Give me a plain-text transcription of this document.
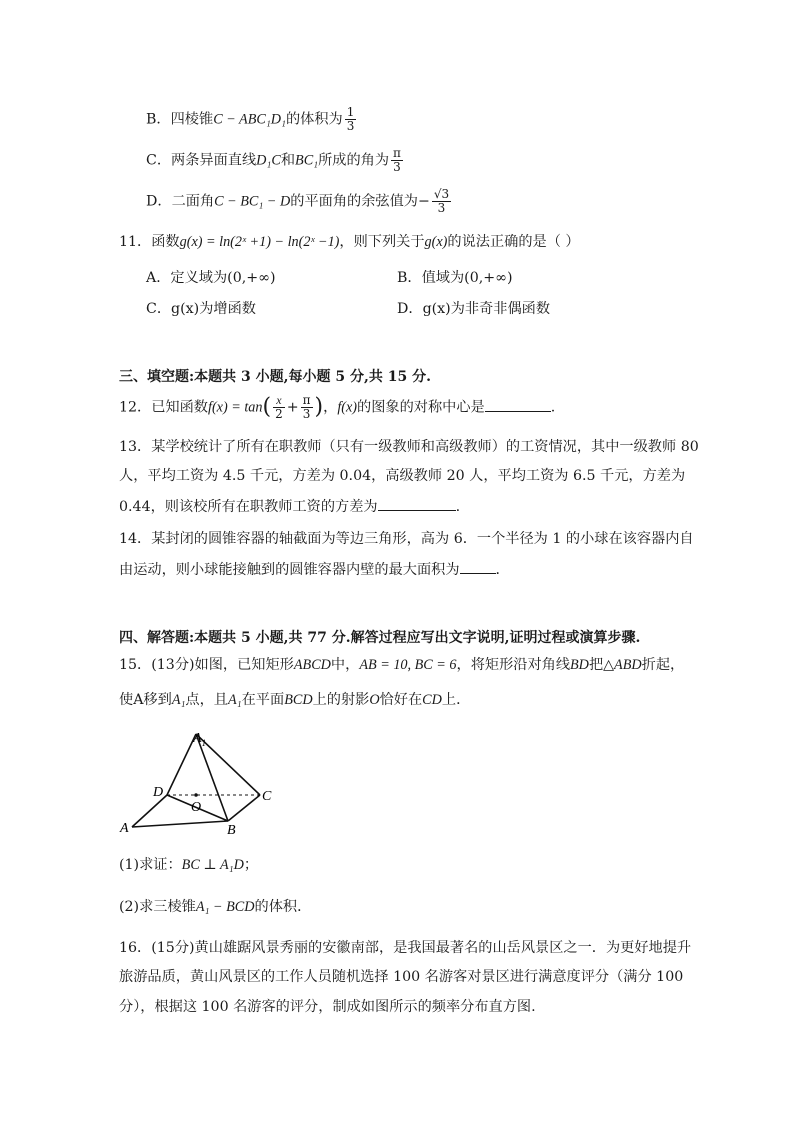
B．四棱锥C − ABC₁D₁的体积为 $\frac{1}{3}$
C．两条异面直线D₁C和BC₁所成的角为 $\frac{\pi}{3}$
D．二面角C − BC₁ − D的平面角的余弦值为− $\frac{√3}{3}$
11．函数g(x) = ln(2ˣ +1) − ln(2ˣ −1)，则下列关于g(x)的说法正确的是（ ）
A．定义域为(0,+∞)	B．值域为(0,+∞)
C．g(x)为增函数	D．g(x)为非奇非偶函数
三、填空题:本题共 3 小题,每小题 5 分,共 15 分.
12．已知函数$f(x) = \tan( \frac{x}{2} + \frac{\pi}{3}$ )，f(x)的图象的对称中心是	.
13．某学校统计了所有在职教师（只有一级教师和高级教师）的工资情况，其中一级教师 80
人，平均工资为 4.5 千元，方差为 0.04，高级教师 20 人，平均工资为 6.5 千元，方差为
0.44，则该校所有在职教师工资的方差为	.
14．某封闭的圆锥容器的轴截面为等边三角形，高为 6．一个半径为 1 的小球在该容器内自
由运动，则小球能接触到的圆锥容器内壁的最大面积为	．
四、解答题:本题共 5 小题,共 77 分.解答过程应写出文字说明,证明过程或演算步骤.
15．(13分)如图，已知矩形ABCD中，AB = 10, BC = 6，将矩形沿对角线BD把△ABD折起，
使A移到A₁点，且A₁在平面BCD上的射影O恰好在CD上．
$A_1$
D
O
C
A	B
(1)求证：BC ⊥ A₁D；
(2)求三棱锥A₁ − BCD的体积．
16．(15分)黄山雄踞风景秀丽的安徽南部，是我国最著名的山岳风景区之一．为更好地提升
旅游品质，黄山风景区的工作人员随机选择 100 名游客对景区进行满意度评分（满分 100
分），根据这 100 名游客的评分，制成如图所示的频率分布直方图.
